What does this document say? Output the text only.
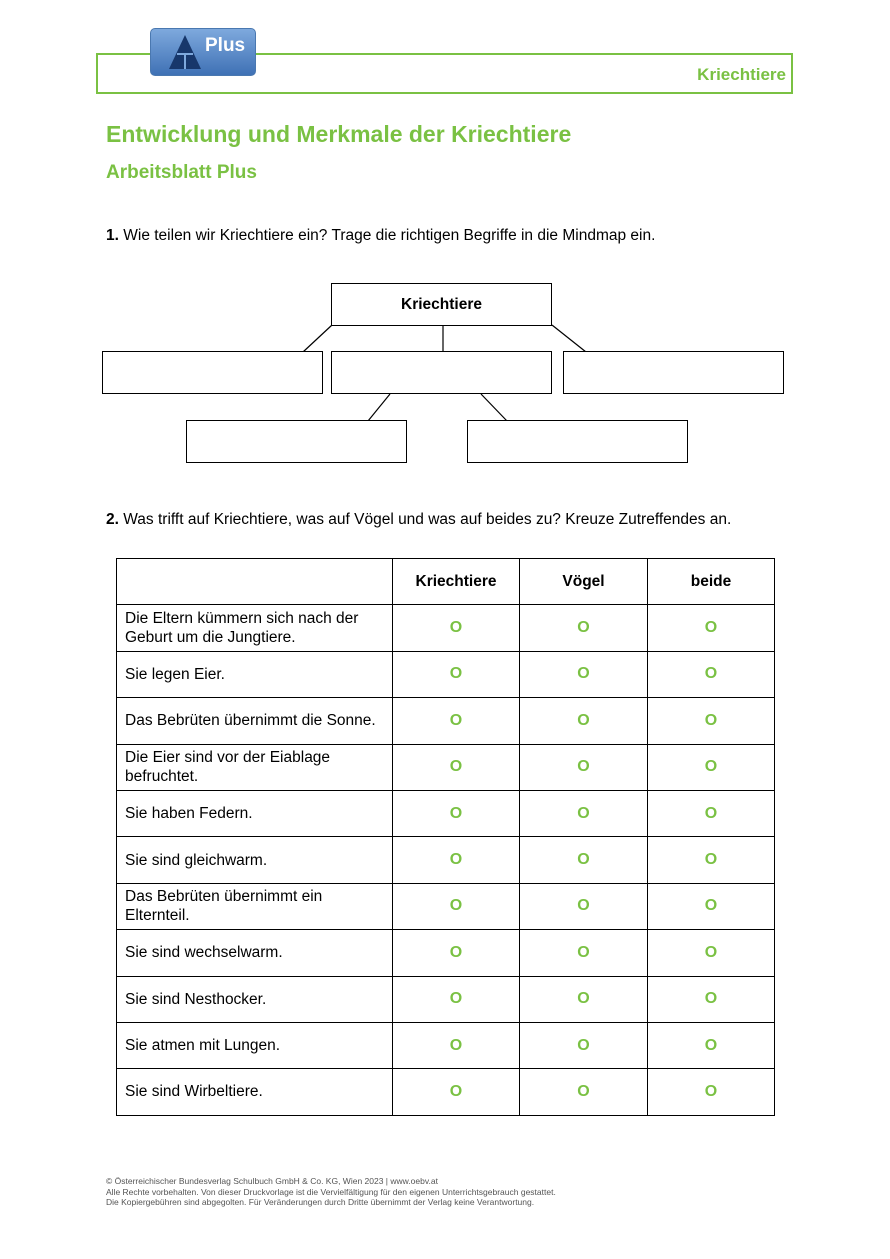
Plus
Kriechtiere
Entwicklung und Merkmale der Kriechtiere
Arbeitsblatt Plus
1. Wie teilen wir Kriechtiere ein? Trage die richtigen Begriffe in die Mindmap ein.
Kriechtiere
2. Was trifft auf Kriechtiere, was auf Vögel und was auf beides zu? Kreuze Zutreffendes an.
	Kriechtiere	Vögel	beide
Die Eltern kümmern sich nach der Geburt um die Jungtiere.	O	O	O
Sie legen Eier.	O	O	O
Das Bebrüten übernimmt die Sonne.	O	O	O
Die Eier sind vor der Eiablage befruchtet.	O	O	O
Sie haben Federn.	O	O	O
Sie sind gleichwarm.	O	O	O
Das Bebrüten übernimmt ein Elternteil.	O	O	O
Sie sind wechselwarm.	O	O	O
Sie sind Nesthocker.	O	O	O
Sie atmen mit Lungen.	O	O	O
Sie sind Wirbeltiere.	O	O	O
© Österreichischer Bundesverlag Schulbuch GmbH & Co. KG, Wien 2023 | www.oebv.at
Alle Rechte vorbehalten. Von dieser Druckvorlage ist die Vervielfältigung für den eigenen Unterrichtsgebrauch gestattet.
Die Kopiergebühren sind abgegolten. Für Veränderungen durch Dritte übernimmt der Verlag keine Verantwortung.
